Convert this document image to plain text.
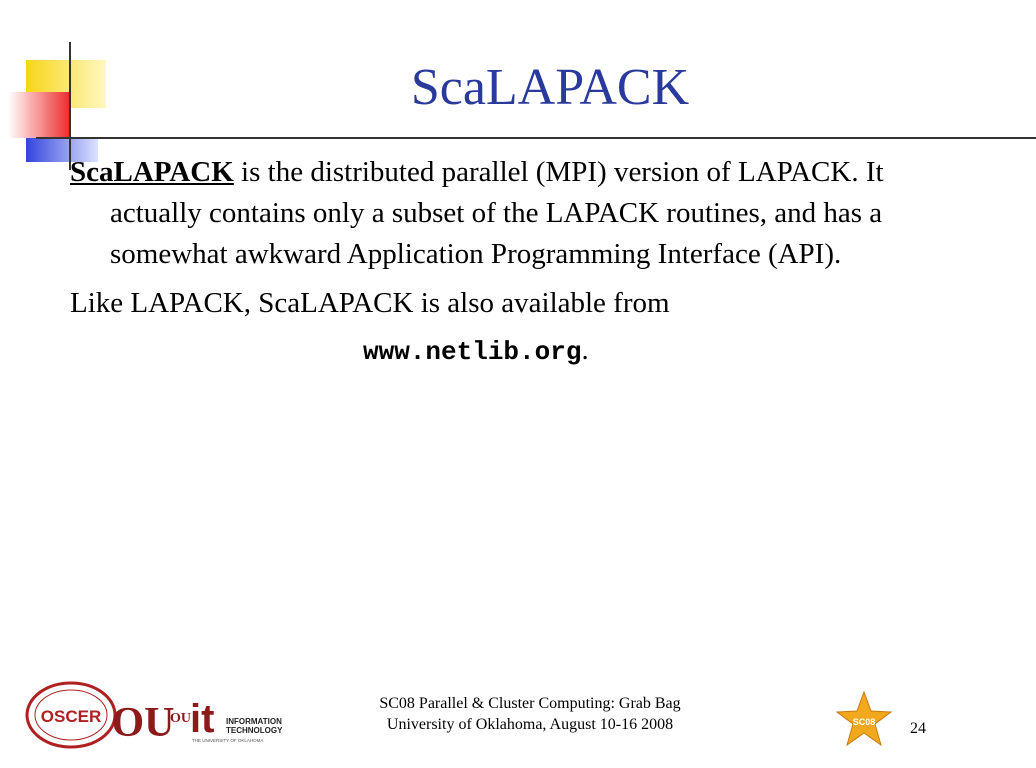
ScaLAPACK

ScaLAPACK is the distributed parallel (MPI) version of LAPACK. It actually contains only a subset of the LAPACK routines, and has a somewhat awkward Application Programming Interface (API).

Like LAPACK, ScaLAPACK is also available from

www.netlib.org.

OSCER OU
OU it INFORMATION
TECHNOLOGY
THE UNIVERSITY OF OKLAHOMA
SC08 Parallel & Cluster Computing: Grab Bag
University of Oklahoma, August 10-16 2008	SC08 24
